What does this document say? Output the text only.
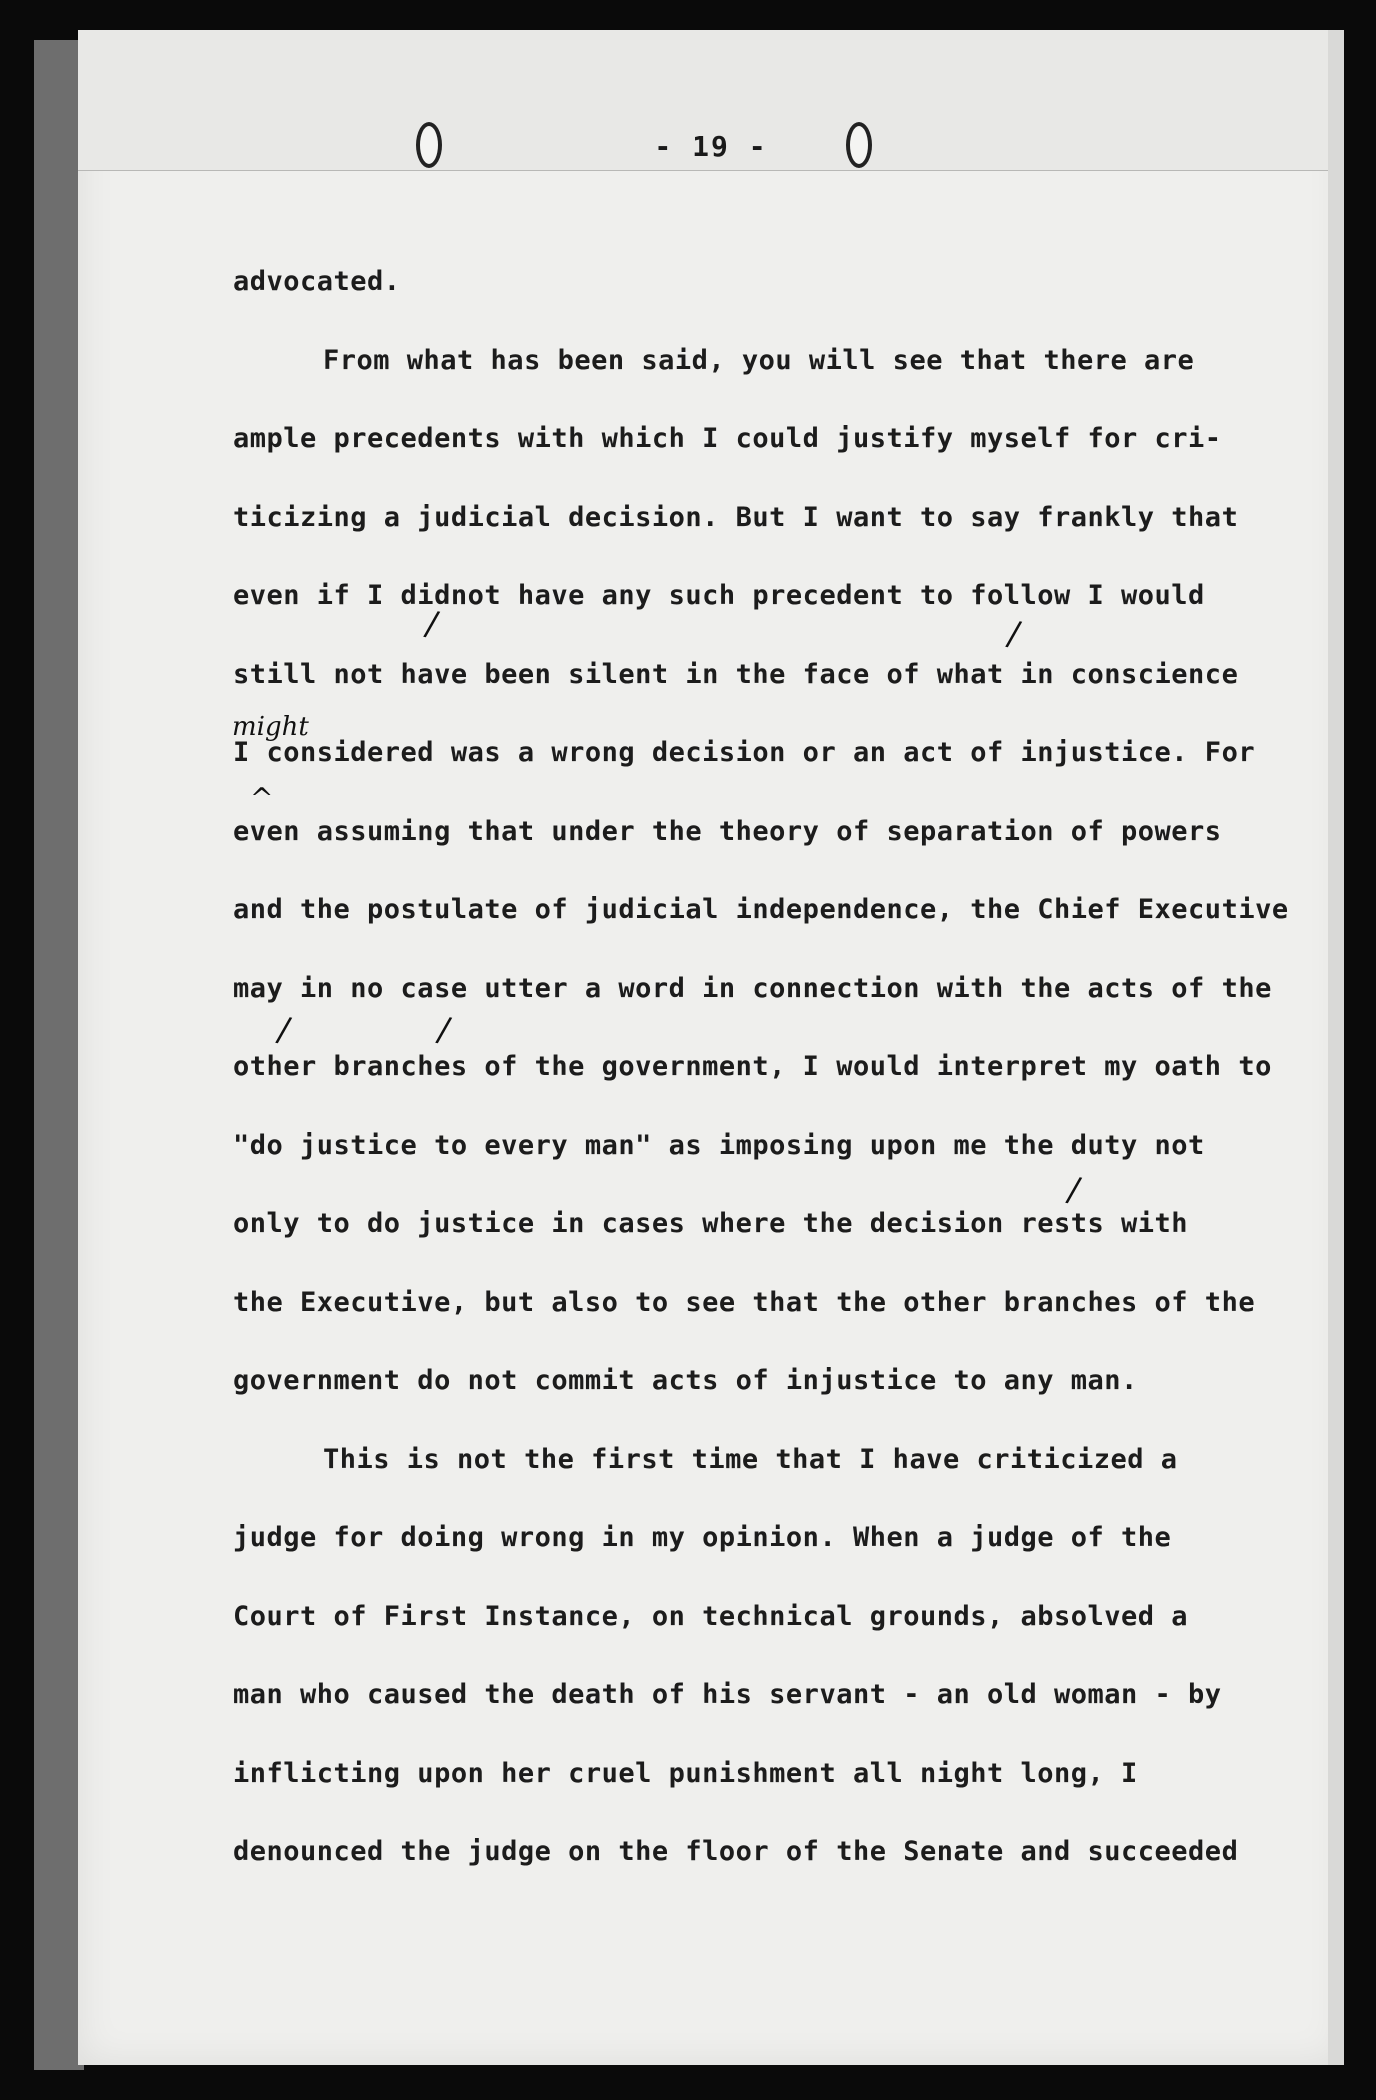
- 19 -
advocated.
From what has been said, you will see that there are
ample precedents with which I could justify myself for cri-
ticizing a judicial decision. But I want to say frankly that
even if I didnot have any such precedent to follow I would
still not have been silent in the face of what in conscience
I considered was a wrong decision or an act of injustice. For
even assuming that under the theory of separation of powers
and the postulate of judicial independence, the Chief Executive
may in no case utter a word in connection with the acts of the
other branches of the government, I would interpret my oath to
"do justice to every man" as imposing upon me the duty not
only to do justice in cases where the decision rests with
the Executive, but also to see that the other branches of the
government do not commit acts of injustice to any man.
This is not the first time that I have criticized a
judge for doing wrong in my opinion. When a judge of the
Court of First Instance, on technical grounds, absolved a
man who caused the death of his servant - an old woman - by
inflicting upon her cruel punishment all night long, I
denounced the judge on the floor of the Senate and succeeded
might
^
/	/
/	/
/
